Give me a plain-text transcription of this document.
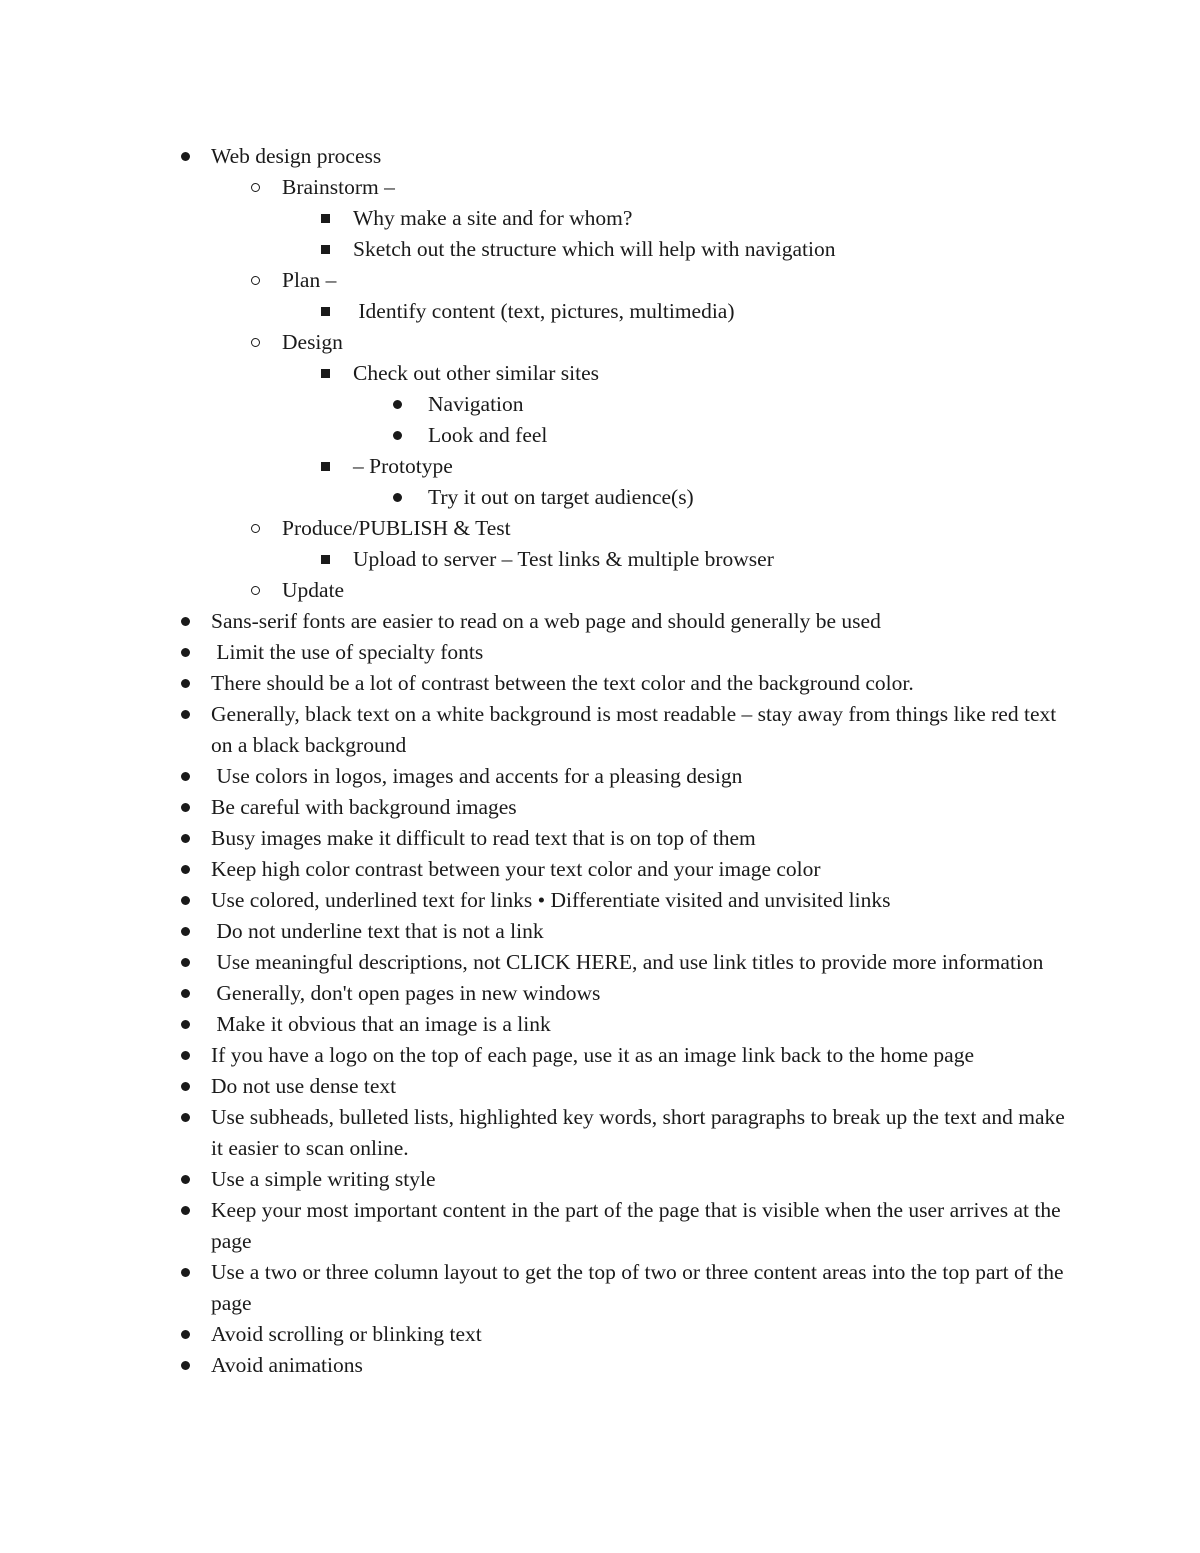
Web design process
Brainstorm –
Why make a site and for whom?
Sketch out the structure which will help with navigation
Plan –
Identify content (text, pictures, multimedia)
Design
Check out other similar sites
Navigation
Look and feel
– Prototype
Try it out on target audience(s)
Produce/PUBLISH & Test
Upload to server – Test links & multiple browser
Update
Sans-serif fonts are easier to read on a web page and should generally be used
Limit the use of specialty fonts
There should be a lot of contrast between the text color and the background color.
Generally, black text on a white background is most readable – stay away from things like red text on a black background
Use colors in logos, images and accents for a pleasing design
Be careful with background images
Busy images make it difficult to read text that is on top of them
Keep high color contrast between your text color and your image color
Use colored, underlined text for links • Differentiate visited and unvisited links
Do not underline text that is not a link
Use meaningful descriptions, not CLICK HERE, and use link titles to provide more information
Generally, don't open pages in new windows
Make it obvious that an image is a link
If you have a logo on the top of each page, use it as an image link back to the home page
Do not use dense text
Use subheads, bulleted lists, highlighted key words, short paragraphs to break up the text and make it easier to scan online.
Use a simple writing style
Keep your most important content in the part of the page that is visible when the user arrives at the page
Use a two or three column layout to get the top of two or three content areas into the top part of the page
Avoid scrolling or blinking text
Avoid animations
